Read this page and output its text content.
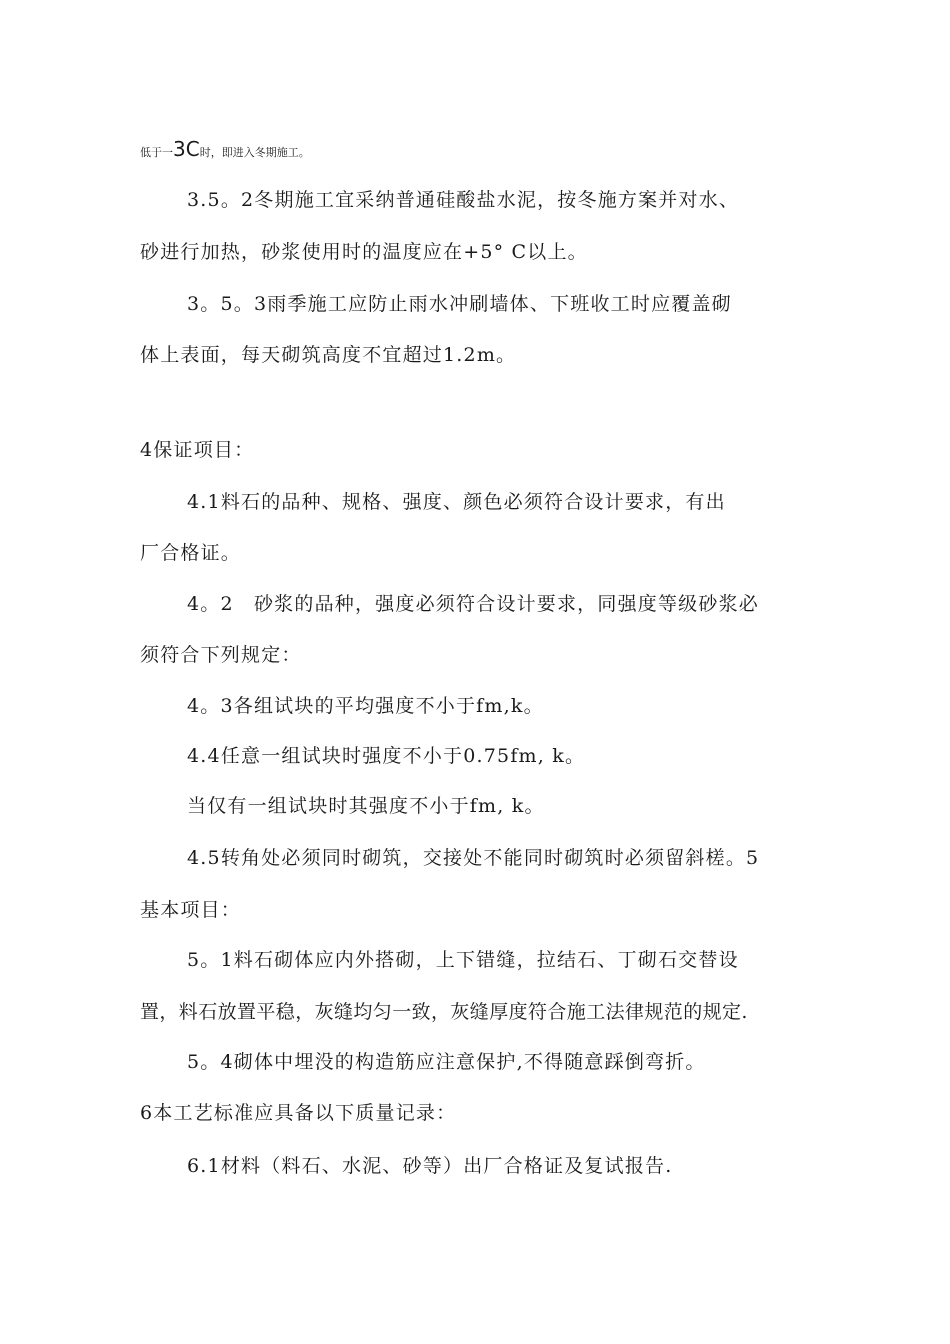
低于一3C时，即进入冬期施工。
3.5。2冬期施工宜采纳普通硅酸盐水泥，按冬施方案并对水、
砂进行加热，砂浆使用时的温度应在+5° C以上。
3。5。3雨季施工应防止雨水冲刷墙体、下班收工时应覆盖砌
体上表面，每天砌筑高度不宜超过1.2m。
4保证项目：
4.1料石的品种、规格、强度、颜色必须符合设计要求，有出
厂合格证。
4。2　砂浆的品种，强度必须符合设计要求，同强度等级砂浆必
须符合下列规定：
4。3各组试块的平均强度不小于fm,k。
4.4任意一组试块时强度不小于0.75fm, k。
当仅有一组试块时其强度不小于fm, k。
4.5转角处必须同时砌筑，交接处不能同时砌筑时必须留斜槎。5
基本项目：
5。1料石砌体应内外搭砌，上下错缝，拉结石、丁砌石交替设
置，料石放置平稳，灰缝均匀一致，灰缝厚度符合施工法律规范的规定.
5。4砌体中埋没的构造筋应注意保护,不得随意踩倒弯折。
6本工艺标准应具备以下质量记录：
6.1材料（料石、水泥、砂等）出厂合格证及复试报告.
